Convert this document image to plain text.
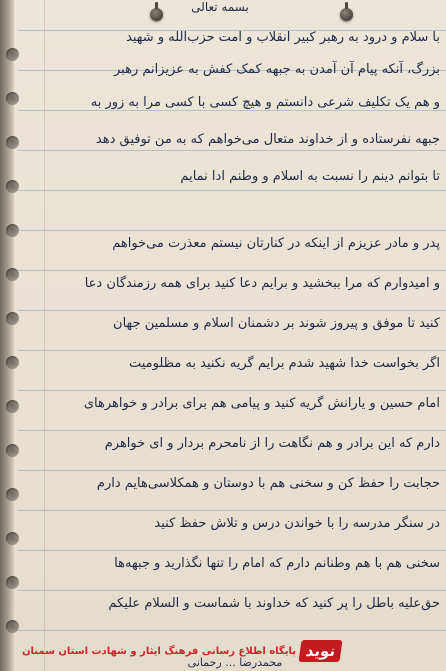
بسمه تعالی
با سلام و درود به رهبر کبیر انقلاب و امت حزب‌الله و شهید
بزرگ، آنکه پیام آن آمدن به جبهه کمک کفش به عزیزانم رهبر
و هم یک تکلیف شرعی دانستم و هیچ کسی با کسی مرا به زور به
جبهه نفرستاده و از خداوند متعال می‌خواهم که به من توفیق دهد
تا بتوانم دینم را نسبت به اسلام و وطنم ادا نمایم
پدر و مادر عزیزم از اینکه در کنارتان نیستم معذرت می‌خواهم
و امیدوارم که مرا ببخشید و برایم دعا کنید برای همه رزمندگان دعا
کنید تا موفق و پیروز شوند بر دشمنان اسلام و مسلمین جهان
اگر بخواست خدا شهید شدم برایم گریه نکنید به مظلومیت
امام حسین و یارانش گریه کنید و پیامی هم برای برادر و خواهرهای
دارم که این برادر و هم نگاهت را از نامحرم بردار و ای خواهرم
حجابت را حفظ کن و سخنی هم با دوستان و همکلاسی‌هایم دارم
در سنگر مدرسه را با خواندن درس و تلاش حفظ کنید
سخنی هم با هم وطنانم دارم که امام را تنها نگذارید و جبهه‌ها
حق‌علیه باطل را پر کنید که خداوند با شماست و السلام علیکم
محمدرضا ... رحمانی
نوید
پایگاه اطلاع رسانی فرهنگ ایثار و شهادت استان سمنان
